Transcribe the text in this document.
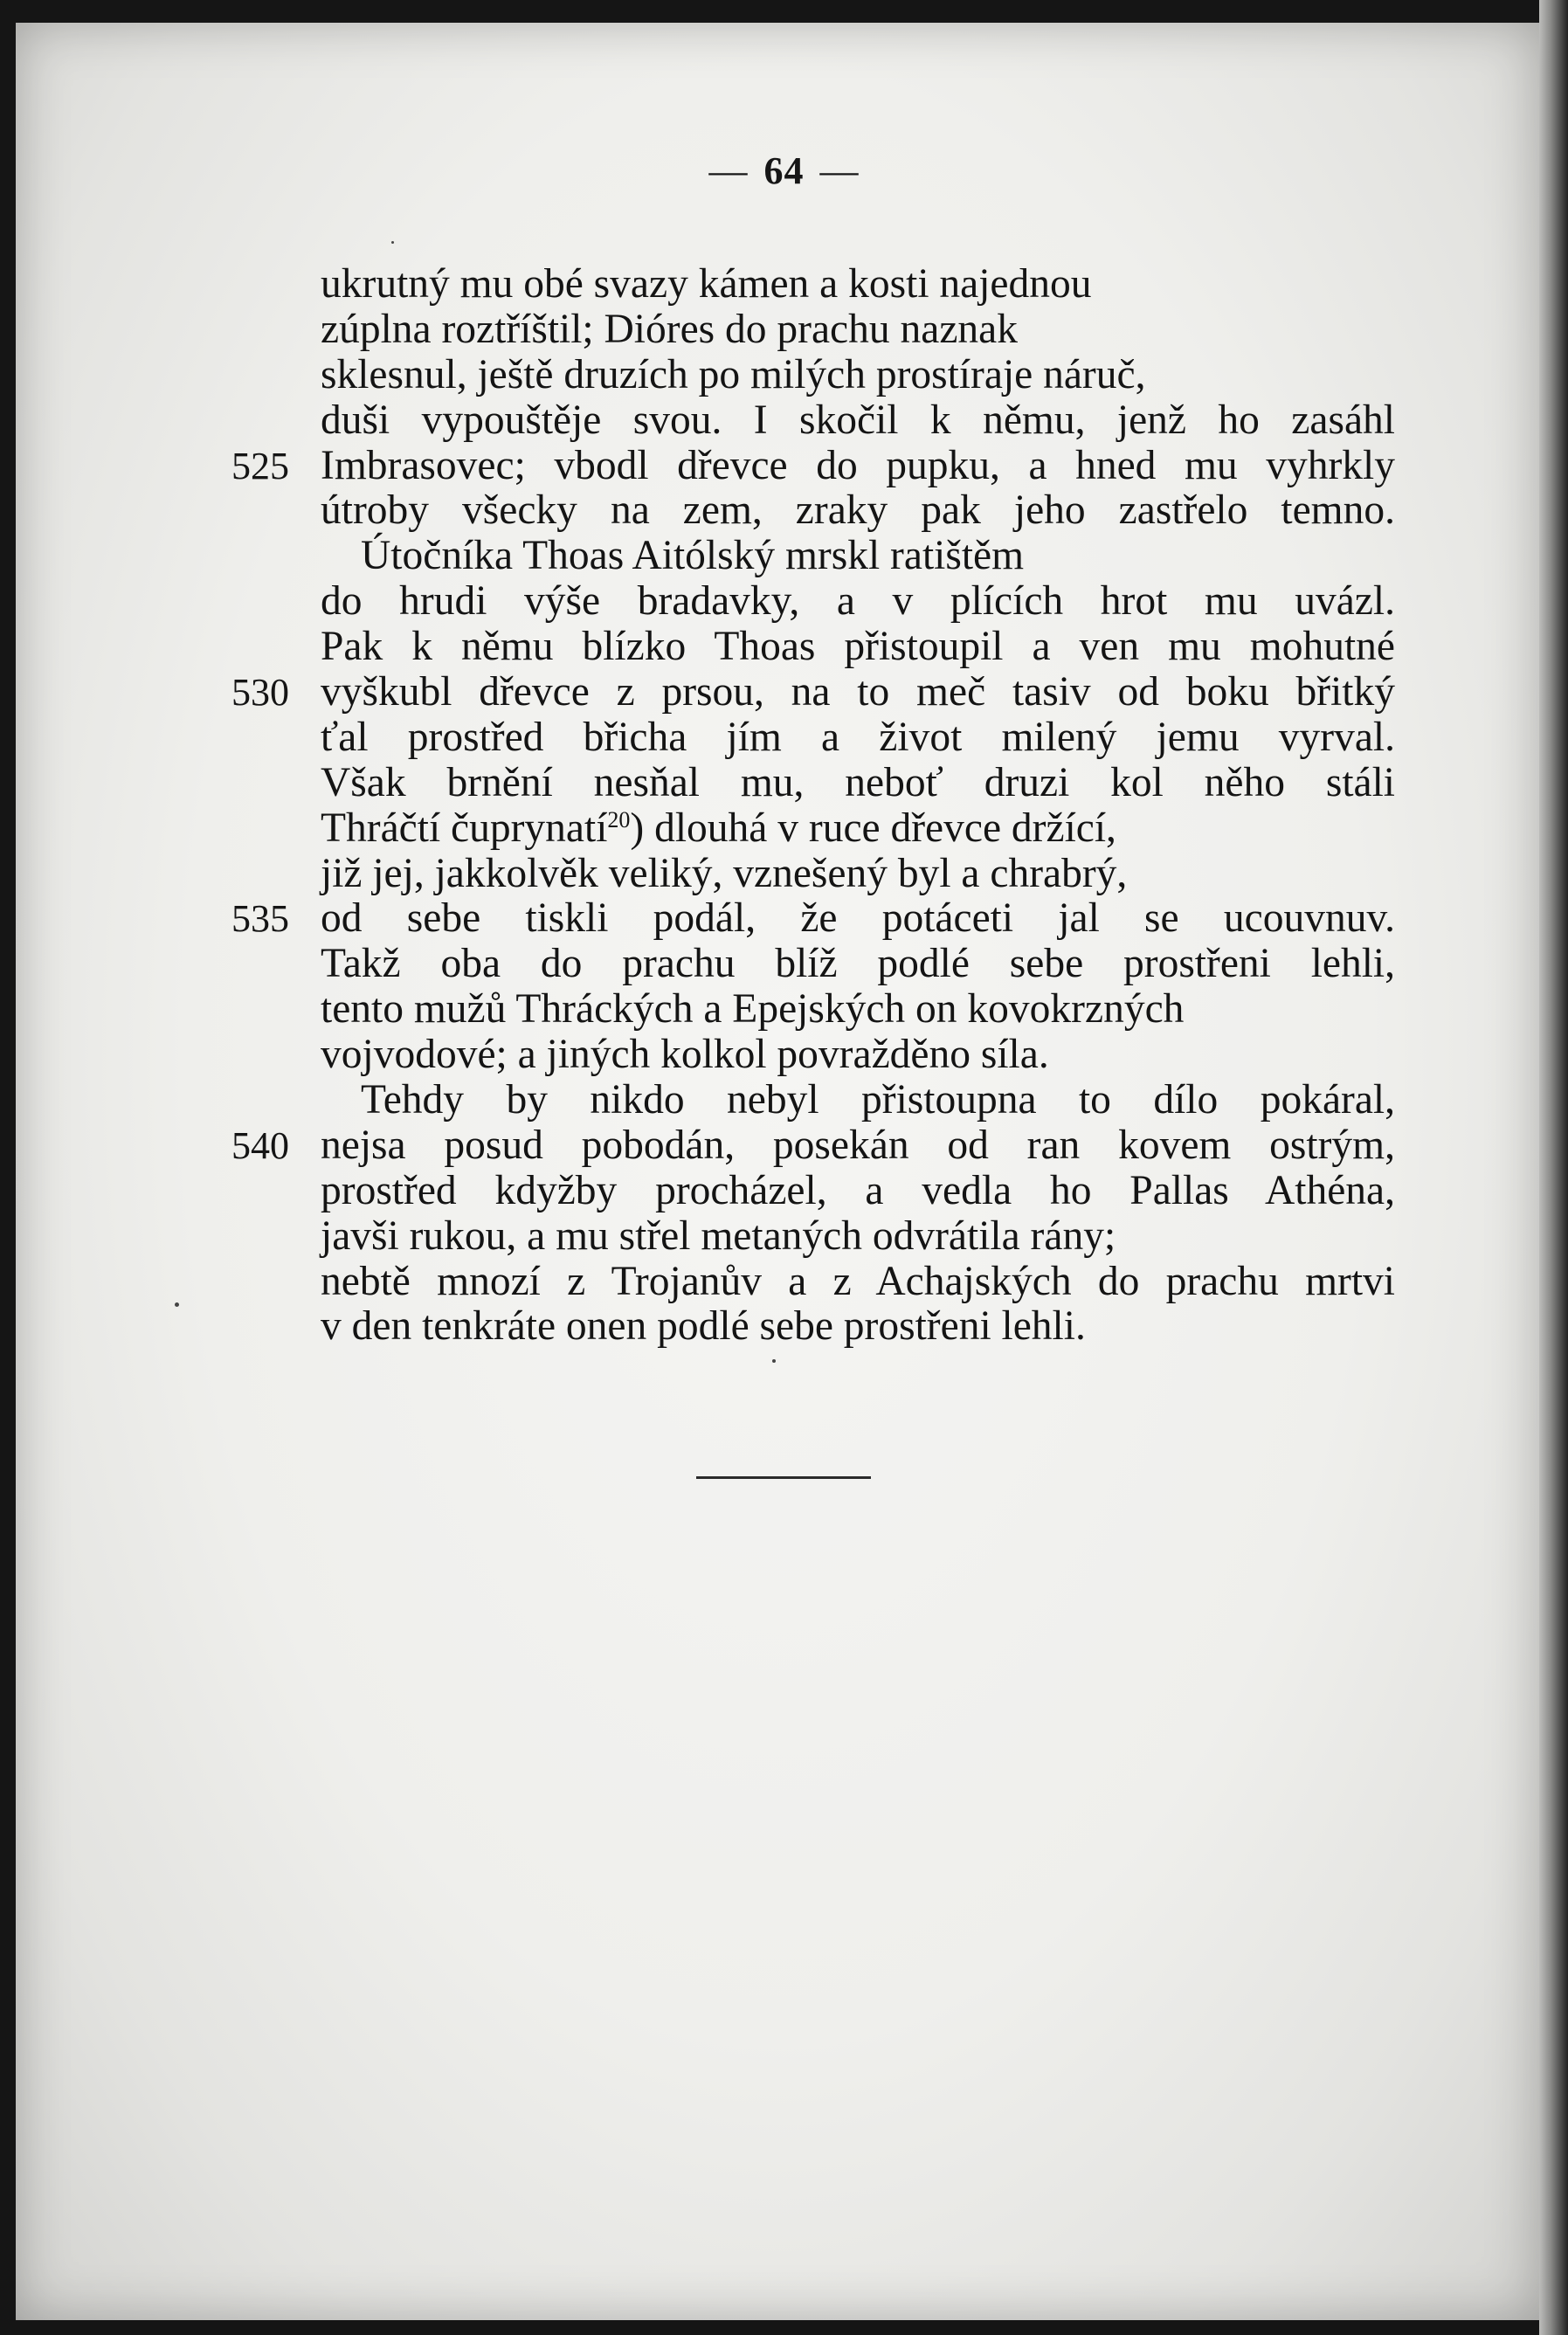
— 64 —
ukrutný mu obé svazy kámen a kosti najednou
zúplna roztříštil; Dióres do prachu naznak
sklesnul, ještě druzích po milých prostíraje náruč,
duši vypouštěje svou. I skočil k němu, jenž ho zasáhl
525 Imbrasovec; vbodl dřevce do pupku, a hned mu vyhrkly
útroby všecky na zem, zraky pak jeho zastřelo temno.
Útočníka Thoas Aitólský mrskl ratištěm
do hrudi výše bradavky, a v plících hrot mu uvázl.
Pak k němu blízko Thoas přistoupil a ven mu mohutné
530 vyškubl dřevce z prsou, na to meč tasiv od boku břitký
ťal prostřed břicha jím a život milený jemu vyrval.
Však brnění nesňal mu, neboť druzi kol něho stáli
Thráčtí čuprynatí$^{20}$) dlouhá v ruce dřevce držící,
již jej, jakkolvěk veliký, vznešený byl a chrabrý,
535 od sebe tiskli podál, že potáceti jal se ucouvnuv.
Takž oba do prachu blíž podlé sebe prostřeni lehli,
tento mužů Thráckých a Epejských on kovokrzných
vojvodové; a jiných kolkol povražděno síla.
Tehdy by nikdo nebyl přistoupna to dílo pokáral,
540 nejsa posud pobodán, posekán od ran kovem ostrým,
prostřed kdyžby procházel, a vedla ho Pallas Athéna,
javši rukou, a mu střel metaných odvrátila rány;
nebtě mnozí z Trojanův a z Achajských do prachu mrtvi
v den tenkráte onen podlé sebe prostřeni lehli.
